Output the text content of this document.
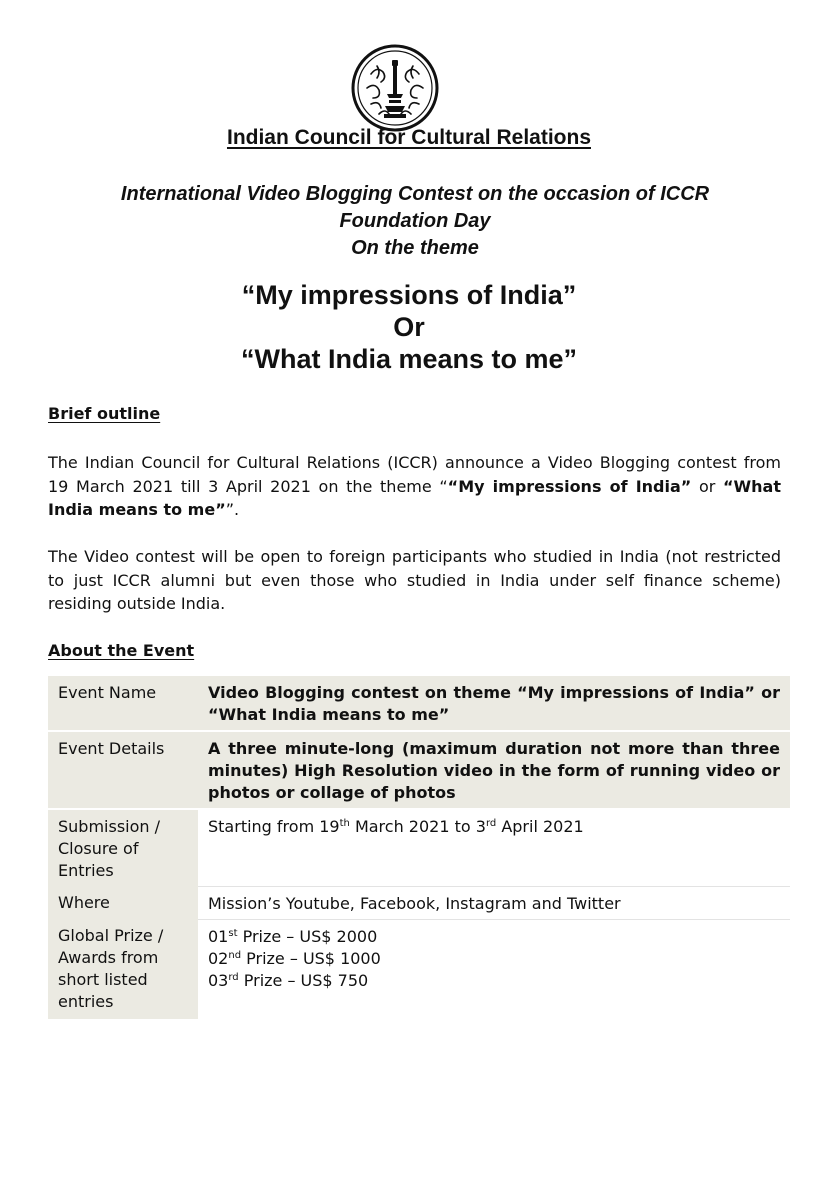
Indian Council for Cultural Relations
International Video Blogging Contest on the occasion of ICCR
Foundation Day
On the theme
“My impressions of India”
Or
“What India means to me”
Brief outline
The Indian Council for Cultural Relations (ICCR) announce a Video Blogging contest from 19 March 2021 till 3 April 2021 on the theme ““My impressions of India” or “What India means to me””.
The Video contest will be open to foreign participants who studied in India (not restricted to just ICCR alumni but even those who studied in India under self finance scheme) residing outside India.
About the Event
Event Name	Video Blogging contest on theme “My impressions of India” or “What India means to me”
Event Details	A three minute-long (maximum duration not more than three minutes) High Resolution video in the form of running video or photos or collage of photos
Submission / Closure of Entries	Starting from 19th March 2021 to 3rd April 2021
Where	Mission’s Youtube, Facebook, Instagram and Twitter
Global Prize / Awards from short listed entries	01st Prize – US$ 2000
02nd Prize – US$ 1000
03rd Prize – US$ 750
